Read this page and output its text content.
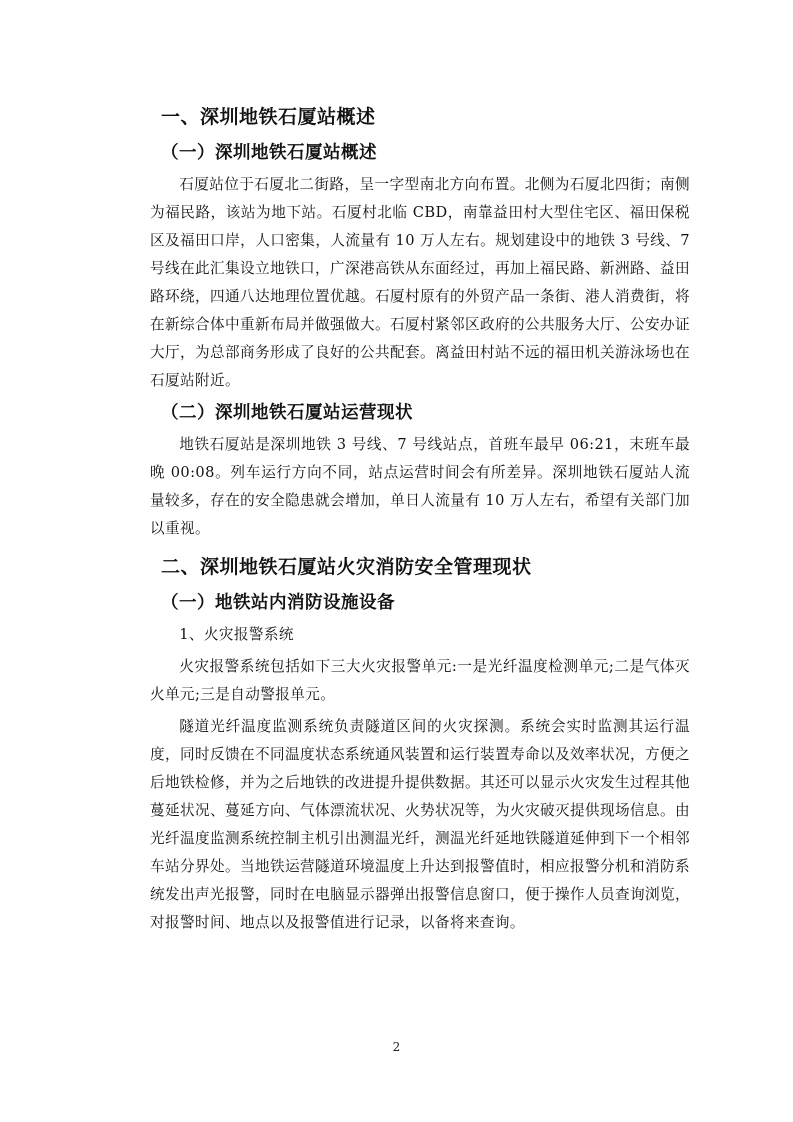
一、深圳地铁石厦站概述
（一）深圳地铁石厦站概述

石厦站位于石厦北二街路，呈一字型南北方向布置。北侧为石厦北四街；南侧为福民路，该站为地下站。石厦村北临 CBD，南靠益田村大型住宅区、福田保税区及福田口岸，人口密集，人流量有 10 万人左右。规划建设中的地铁 3 号线、7 号线在此汇集设立地铁口，广深港高铁从东面经过，再加上福民路、新洲路、益田路环绕，四通八达地理位置优越。石厦村原有的外贸产品一条街、港人消费街，将在新综合体中重新布局并做强做大。石厦村紧邻区政府的公共服务大厅、公安办证大厅，为总部商务形成了良好的公共配套。离益田村站不远的福田机关游泳场也在石厦站附近。

（二）深圳地铁石厦站运营现状

地铁石厦站是深圳地铁 3 号线、7 号线站点，首班车最早 06:21，末班车最晚 00:08。列车运行方向不同，站点运营时间会有所差异。深圳地铁石厦站人流量较多，存在的安全隐患就会增加，单日人流量有 10 万人左右，希望有关部门加以重视。

二、深圳地铁石厦站火灾消防安全管理现状
（一）地铁站内消防设施设备
1、火灾报警系统

火灾报警系统包括如下三大火灾报警单元:一是光纤温度检测单元;二是气体灭火单元;三是自动警报单元。

隧道光纤温度监测系统负责隧道区间的火灾探测。系统会实时监测其运行温度，同时反馈在不同温度状态系统通风装置和运行装置寿命以及效率状况，方便之后地铁检修，并为之后地铁的改进提升提供数据。其还可以显示火灾发生过程其他蔓延状况、蔓延方向、气体漂流状况、火势状况等，为火灾破灭提供现场信息。由光纤温度监测系统控制主机引出测温光纤，测温光纤延地铁隧道延伸到下一个相邻车站分界处。当地铁运营隧道环境温度上升达到报警值时，相应报警分机和消防系统发出声光报警，同时在电脑显示器弹出报警信息窗口，便于操作人员查询浏览，对报警时间、地点以及报警值进行记录，以备将来查询。

2
